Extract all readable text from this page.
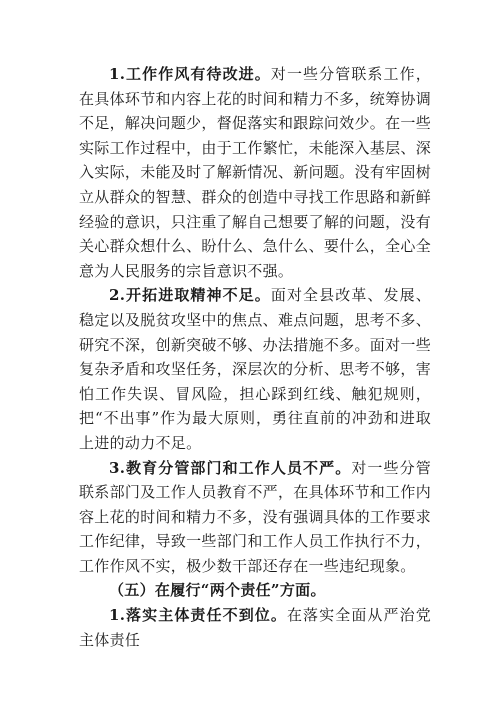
1.工作作风有待改进。对一些分管联系工作，在具体环节和内容上花的时间和精力不多，统筹协调不足，解决问题少，督促落实和跟踪问效少。在一些实际工作过程中，由于工作繁忙，未能深入基层、深入实际，未能及时了解新情况、新问题。没有牢固树立从群众的智慧、群众的创造中寻找工作思路和新鲜经验的意识，只注重了解自己想要了解的问题，没有关心群众想什么、盼什么、急什么、要什么，全心全意为人民服务的宗旨意识不强。

2.开拓进取精神不足。面对全县改革、发展、稳定以及脱贫攻坚中的焦点、难点问题，思考不多、研究不深，创新突破不够、办法措施不多。面对一些复杂矛盾和攻坚任务，深层次的分析、思考不够，害怕工作失误、冒风险，担心踩到红线、触犯规则，把“不出事”作为最大原则，勇往直前的冲劲和进取上进的动力不足。

3.教育分管部门和工作人员不严。对一些分管联系部门及工作人员教育不严，在具体环节和工作内容上花的时间和精力不多，没有强调具体的工作要求工作纪律，导致一些部门和工作人员工作执行不力，工作作风不实，极少数干部还存在一些违纪现象。

（五）在履行“两个责任”方面。

1.落实主体责任不到位。在落实全面从严治党主体责任
